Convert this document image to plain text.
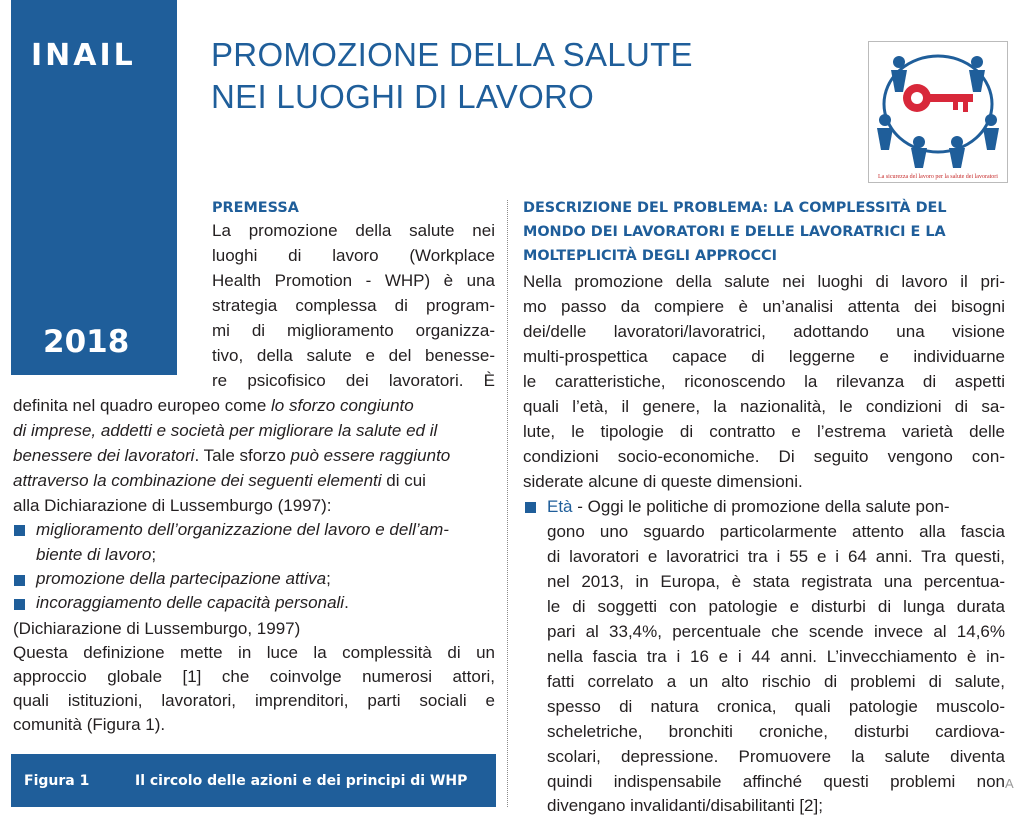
INAIL
2018
PROMOZIONE DELLA SALUTE
NEI LUOGHI DI LAVORO
La sicurezza del lavoro per la salute dei lavoratori
PREMESSA
La promozione della salute nei
luoghi di lavoro (Workplace
Health Promotion - WHP) è una
strategia complessa di program-
mi di miglioramento organizza-
tivo, della salute e del benesse-
re psicofisico dei lavoratori. È
definita nel quadro europeo come lo sforzo congiunto
di imprese, addetti e società per migliorare la salute ed il
benessere dei lavoratori. Tale sforzo può essere raggiunto
attraverso la combinazione dei seguenti elementi di cui
alla Dichiarazione di Lussemburgo (1997):
miglioramento dell’organizzazione del lavoro e dell’am-
biente di lavoro;
promozione della partecipazione attiva;
incoraggiamento delle capacità personali.
(Dichiarazione di Lussemburgo, 1997)
Questa definizione mette in luce la complessità di un
approccio globale [1] che coinvolge numerosi attori,
quali istituzioni, lavoratori, imprenditori, parti sociali e
comunità (Figura 1).
Figura 1	Il circolo delle azioni e dei principi di WHP
DESCRIZIONE DEL PROBLEMA: LA COMPLESSITÀ DEL
MONDO DEI LAVORATORI E DELLE LAVORATRICI E LA
MOLTEPLICITÀ DEGLI APPROCCI
Nella promozione della salute nei luoghi di lavoro il pri-
mo passo da compiere è un’analisi attenta dei bisogni
dei/delle lavoratori/lavoratrici, adottando una visione
multi-prospettica capace di leggerne e individuarne
le caratteristiche, riconoscendo la rilevanza di aspetti
quali l’età, il genere, la nazionalità, le condizioni di sa-
lute, le tipologie di contratto e l’estrema varietà delle
condizioni socio-economiche. Di seguito vengono con-
siderate alcune di queste dimensioni.
Età - Oggi le politiche di promozione della salute pon-
gono uno sguardo particolarmente attento alla fascia
di lavoratori e lavoratrici tra i 55 e i 64 anni. Tra questi,
nel 2013, in Europa, è stata registrata una percentua-
le di soggetti con patologie e disturbi di lunga durata
pari al 33,4%, percentuale che scende invece al 14,6%
nella fascia tra i 16 e i 44 anni. L’invecchiamento è in-
fatti correlato a un alto rischio di problemi di salute,
spesso di natura cronica, quali patologie muscolo-
scheletriche, bronchiti croniche, disturbi cardiova-
scolari, depressione. Promuovere la salute diventa
quindi indispensabile affinché questi problemi non
divengano invalidanti/disabilitanti [2];
A
